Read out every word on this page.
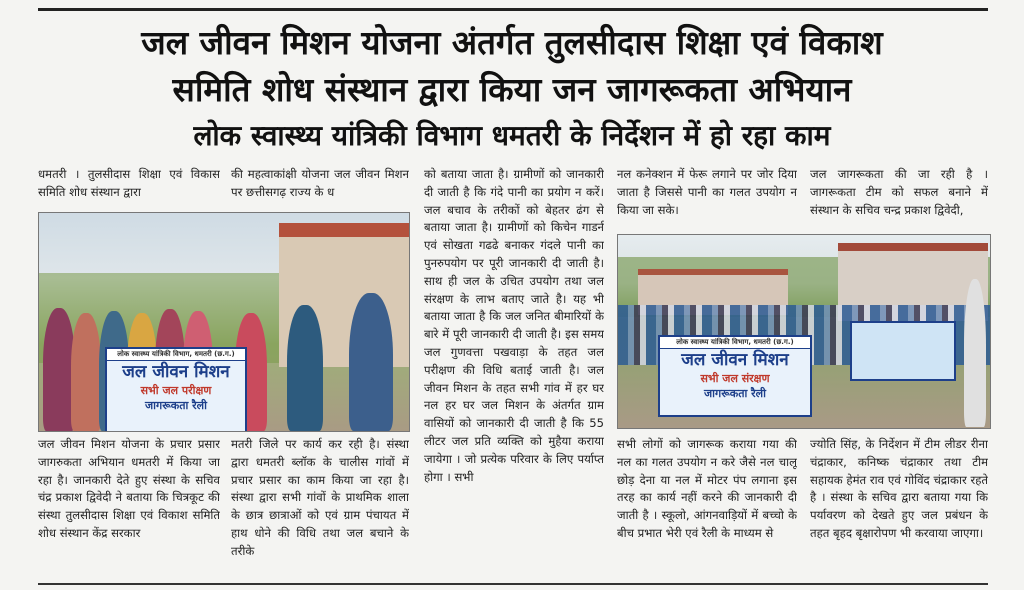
जल जीवन मिशन योजना अंतर्गत तुलसीदास शिक्षा एवं विकाश
समिति शोध संस्थान द्वारा किया जन जागरूकता अभियान
लोक स्वास्थ्य यांत्रिकी विभाग धमतरी के निर्देशन में हो रहा काम
धमतरी । तुलसीदास शिक्षा एवं विकास समिति शोध संस्थान द्वारा
की महत्वाकांक्षी योजना जल जीवन मिशन पर छत्तीसगढ़ राज्य के ध
को बताया जाता है। ग्रामीणों को जानकारी दी जाती है कि गंदे पानी का प्रयोग न करें। जल बचाव के तरीकों को बेहतर ढंग से बताया जाता है। ग्रामीणों को किचेन गाडर्न एवं सोखता गढढे बनाकर गंदले पानी का पुनरुपयोग पर पूरी जानकारी दी जाती है। साथ ही जल के उचित उपयोग तथा जल संरक्षण के लाभ बताए जाते है। यह भी बताया जाता है कि जल जनित बीमारियों के बारे में पूरी जानकारी दी जाती है। इस समय जल गुणवत्ता पखवाड़ा के तहत जल परीक्षण की विधि बताई जाती है। जल जीवन मिशन के तहत सभी गांव में हर घर नल हर घर जल मिशन के अंतर्गत ग्राम वासियों को जानकारी दी जाती है कि 55 लीटर जल प्रति व्यक्ति को मुहैया कराया जायेगा । जो प्रत्येक परिवार के लिए पर्याप्त होगा । सभी
नल कनेक्शन में फेरू लगाने पर जोर दिया जाता है जिससे पानी का गलत उपयोग न किया जा सके।
जल जागरूकता की जा रही है । जागरूकता टीम को सफल बनाने में संस्थान के सचिव चन्द्र प्रकाश द्विवेदी,
लोक स्वास्थ्य यांत्रिकी विभाग, धमतरी (छ.ग.)
जल जीवन मिशन
सभी जल परीक्षण
जागरूकता रैली
लोक स्वास्थ्य यांत्रिकी विभाग, धमतरी (छ.ग.)
जल जीवन मिशन
सभी जल संरक्षण
जागरूकता रैली
जल जीवन मिशन योजना के प्रचार प्रसार जागरुकता अभियान धमतरी में किया जा रहा है। जानकारी देते हुए संस्था के सचिव चंद्र प्रकाश द्विवेदी ने बताया कि चित्रकूट की संस्था तुलसीदास शिक्षा एवं विकाश समिति शोध संस्थान केंद्र सरकार
मतरी जिले पर कार्य कर रही है। संस्था द्वारा धमतरी ब्लॉक के चालीस गांवों में प्रचार प्रसार का काम किया जा रहा है। संस्था द्वारा सभी गांवों के प्राथमिक शाला के छात्र छात्राओं को एवं ग्राम पंचायत में हाथ धोने की विधि तथा जल बचाने के तरीके
सभी लोगों को जागरूक कराया गया की नल का गलत उपयोग न करे जैसे नल चालू छोड़ देना या नल में मोटर पंप लगाना इस तरह का कार्य नहीं करने की जानकारी दी जाती है । स्कूलो, आंगनवाड़ियों में बच्चो के बीच प्रभात भेरी एवं रैली के माध्यम से
ज्योति सिंह, के निर्देशन में टीम लीडर रीना चंद्राकार, कनिष्क चंद्राकार तथा टीम सहायक हेमंत राव एवं गोविंद चंद्राकार रहते है । संस्था के सचिव द्वारा बताया गया कि पर्यावरण को देखते हुए जल प्रबंधन के तहत बृहद बृक्षारोपण भी करवाया जाएगा।
